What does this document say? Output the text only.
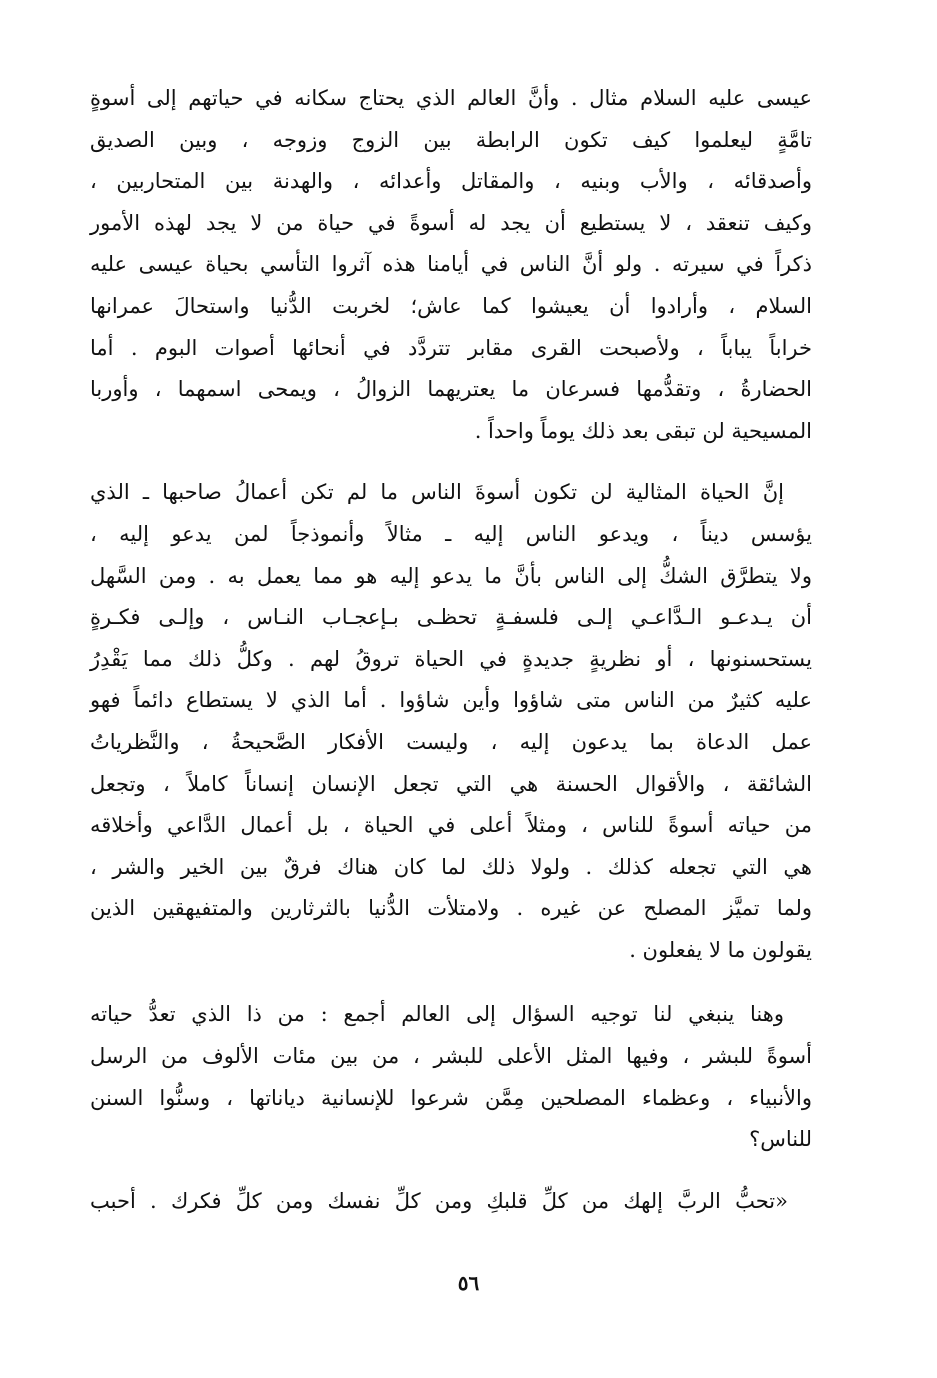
عيسى عليه السلام مثال . وأنَّ العالم الذي يحتاج سكانه في حياتهم إلى أسوةٍ

تامَّةٍ ليعلموا كيف تكون الرابطة بين الزوج وزوجه ، وبين الصديق

وأصدقائه ، والأب وبنيه ، والمقاتل وأعدائه ، والهدنة بين المتحاربين ،

وكيف تنعقد ، لا يستطيع أن يجد له أسوةً في حياة من لا يجد لهذه الأمور

ذكراً في سيرته . ولو أنَّ الناس في أيامنا هذه آثروا التأسي بحياة عيسى عليه

السلام ، وأرادوا أن يعيشوا كما عاش؛ لخربت الدُّنيا واستحالَ عمرانها

خراباً يباباً ، ولأصبحت القرى مقابر تتردَّد في أنحائها أصوات البوم . أما

الحضارةُ ، وتقدُّمها فسرعان ما يعتريهما الزوالُ ، ويمحى اسمهما ، وأوربا

المسيحية لن تبقى بعد ذلك يوماً واحداً .

إنَّ الحياة المثالية لن تكون أسوةَ الناس ما لم تكن أعمالُ صاحبها ـ الذي

يؤسس ديناً ، ويدعو الناس إليه ـ مثالاً وأنموذجاً لمن يدعو إليه ،

ولا يتطرَّق الشكُّ إلى الناس بأنَّ ما يدعو إليه هو مما يعمل به . ومن السَّهل

أن يـدعـو الـدَّاعـي إلـى فلسفـةٍ تحظـى بـإعجـاب النـاس ، وإلـى فكـرةٍ

يستحسنونها ، أو نظريةٍ جديدةٍ في الحياة تروقُ لهم . وكلُّ ذلك مما يَقْدِرُ

عليه كثيرٌ من الناس متى شاؤوا وأين شاؤوا . أما الذي لا يستطاع دائماً فهو

عمل الدعاة بما يدعون إليه ، وليست الأفكار الصَّحيحةُ ، والنَّظرياتُ

الشائقة ، والأقوال الحسنة هي التي تجعل الإنسان إنساناً كاملاً ، وتجعل

من حياته أسوةً للناس ، ومثلاً أعلى في الحياة ، بل أعمال الدَّاعي وأخلاقه

هي التي تجعله كذلك . ولولا ذلك لما كان هناك فرقٌ بين الخير والشر ،

ولما تميَّز المصلح عن غيره . ولامتلأت الدُّنيا بالثرثارين والمتفيهقين الذين

يقولون ما لا يفعلون .

وهنا ينبغي لنا توجيه السؤال إلى العالم أجمع : من ذا الذي تعدُّ حياته

أسوةً للبشر ، وفيها المثل الأعلى للبشر ، من بين مئات الألوف من الرسل

والأنبياء ، وعظماء المصلحين مِمَّن شرعوا للإنسانية دياناتها ، وسنُّوا السنن

للناس؟

«تحبُّ الربَّ إلهك من كلِّ قلبكِ ومن كلِّ نفسك ومن كلِّ فكرك . أحبب

٥٦
